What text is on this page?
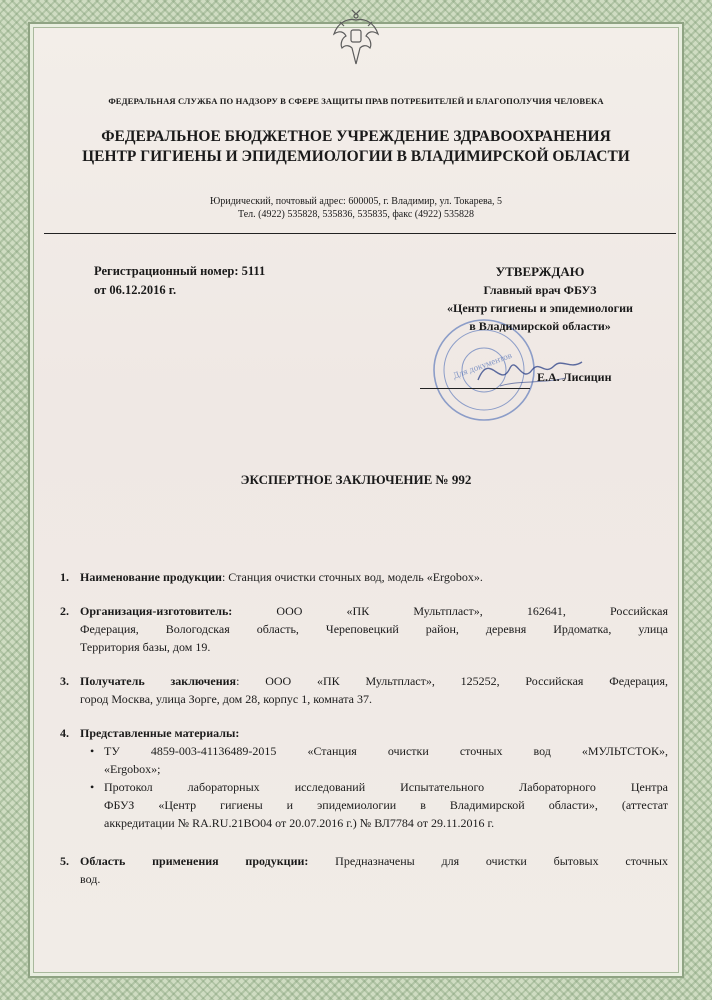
ФЕДЕРАЛЬНАЯ СЛУЖБА ПО НАДЗОРУ В СФЕРЕ ЗАЩИТЫ ПРАВ ПОТРЕБИТЕЛЕЙ И БЛАГОПОЛУЧИЯ ЧЕЛОВЕКА
ФЕДЕРАЛЬНОЕ БЮДЖЕТНОЕ УЧРЕЖДЕНИЕ ЗДРАВООХРАНЕНИЯ
ЦЕНТР ГИГИЕНЫ И ЭПИДЕМИОЛОГИИ В ВЛАДИМИРСКОЙ ОБЛАСТИ
Юридический, почтовый адрес: 600005, г. Владимир, ул. Токарева, 5
Тел. (4922) 535828, 535836, 535835, факс (4922) 535828
Регистрационный номер: 5111
от 06.12.2016 г.
Для документов
УТВЕРЖДАЮ
Главный врач ФБУЗ
«Центр гигиены и эпидемиологии
в Владимирской области»
Е.А. Лисицин
ЭКСПЕРТНОЕ ЗАКЛЮЧЕНИЕ № 992
1. Наименование продукции: Станция очистки сточных вод, модель «Ergobox».
2. Организация-изготовитель:	ООО «ПК Мультпласт», 162641, Российская
Федерация, Вологодская область, Череповецкий район, деревня Ирдоматка, улица
Территория базы, дом 19.
3. Получатель заключения: ООО «ПК Мультпласт», 125252, Российская Федерация,
город Москва, улица Зорге, дом 28, корпус 1, комната 37.
4. Представленные материалы:
• ТУ 4859-003-41136489-2015 «Станция очистки сточных вод «МУЛЬТСТОК»,
«Ergobox»;
• Протокол лабораторных исследований Испытательного Лабораторного Центра
ФБУЗ «Центр гигиены и эпидемиологии в Владимирской области», (аттестат
аккредитации № RA.RU.21ВО04 от 20.07.2016 г.) № ВЛ7784 от 29.11.2016 г.
5. Область применения продукции: Предназначены для очистки бытовых сточных
вод.
